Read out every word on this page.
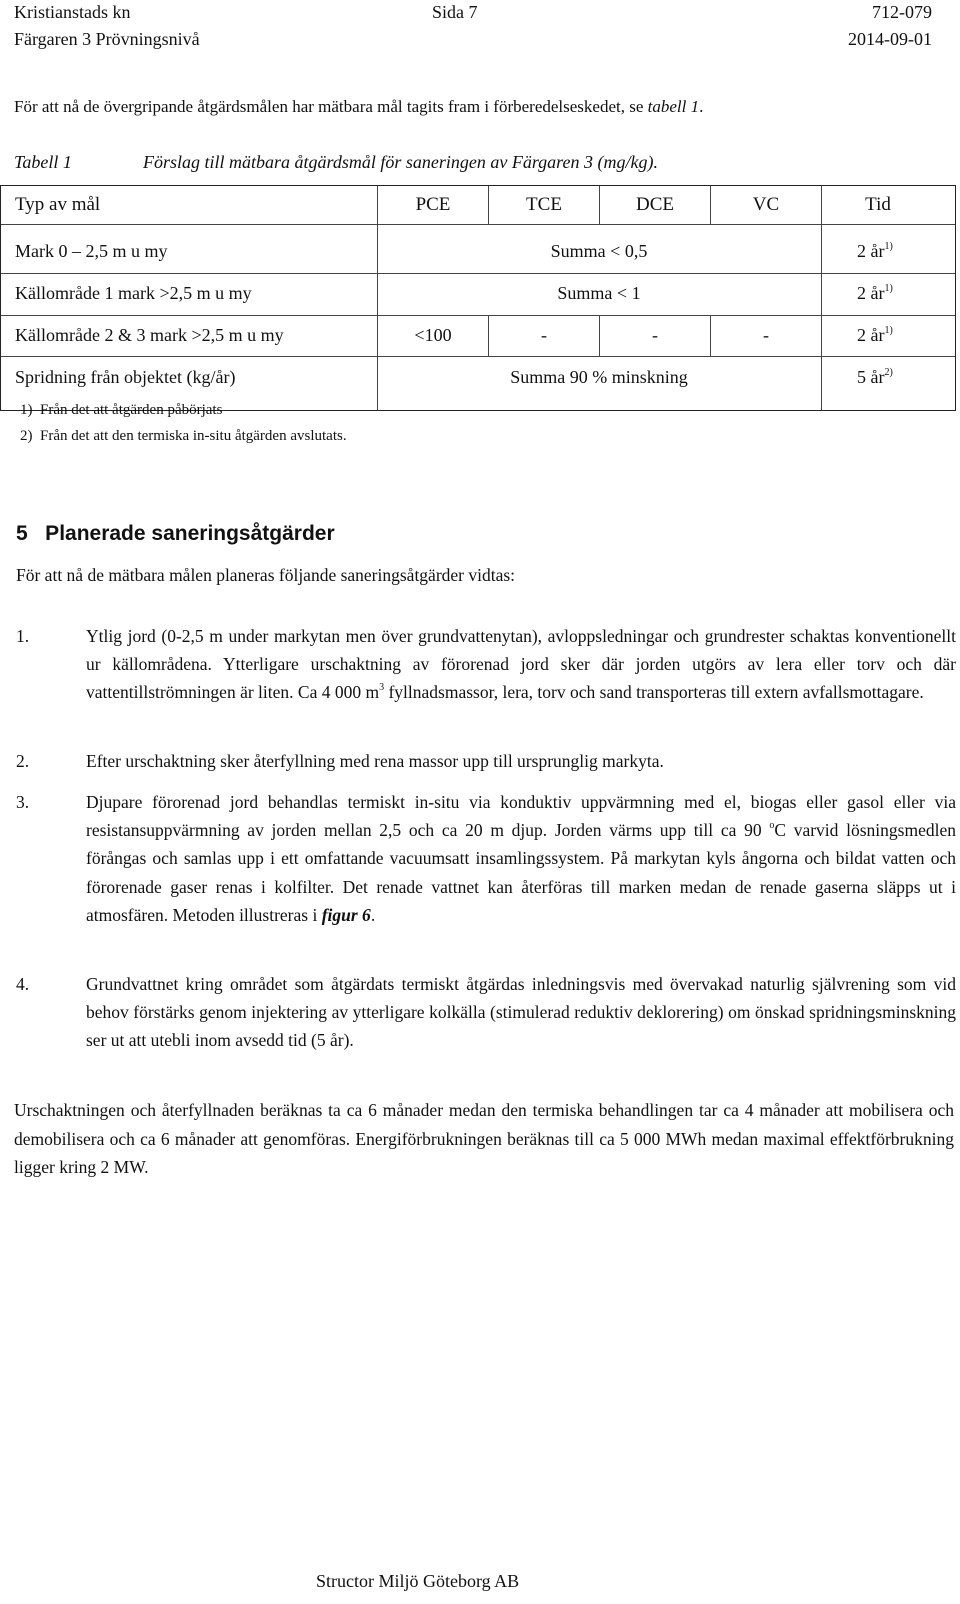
Kristianstads kn
Färgaren 3 Prövningsnivå
Sida 7	712-079
2014-09-01
För att nå de övergripande åtgärdsmålen har mätbara mål tagits fram i förberedelseskedet, se tabell 1.
Tabell 1	Förslag till mätbara åtgärdsmål för saneringen av Färgaren 3 (mg/kg).
Typ av mål	PCE	TCE	DCE	VC	Tid
Mark 0 – 2,5 m u my	Summa < 0,5	2 $år^{1)}$
Källområde 1 mark >2,5 m u my	Summa < 1	2 $år^{1)}$
Källområde 2 & 3 mark >2,5 m u my	<100	-	-	-	2 $år^{1)}$
Spridning från objektet (kg/år)	Summa 90 % minskning	5 $år^{2)}$
1)  Från det att åtgärden påbörjats
2)  Från det att den termiska in-situ åtgärden avslutats.
5   Planerade saneringsåtgärder
För att nå de mätbara målen planeras följande saneringsåtgärder vidtas:
1.	Ytlig jord (0-2,5 m under markytan men över grundvattenytan), avloppsledningar och grundrester schaktas konventionellt ur källområdena. Ytterligare urschaktning av förorenad jord sker där jorden utgörs av lera eller torv och där vattentillströmningen är liten. Ca 4 000 $m^3$ fyllnadsmassor, lera, torv och sand transporteras till extern avfallsmottagare.
2.	Efter urschaktning sker återfyllning med rena massor upp till ursprunglig markyta.
3.	Djupare förorenad jord behandlas termiskt in-situ via konduktiv uppvärmning med el, biogas eller gasol eller via resistansuppvärmning av jorden mellan 2,5 och ca 20 m djup. Jorden värms upp till ca 90 $^o$C varvid lösningsmedlen förångas och samlas upp i ett omfattande vacuumsatt insamlingssystem. På markytan kyls ångorna och bildat vatten och förorenade gaser renas i kolfilter. Det renade vattnet kan återföras till marken medan de renade gaserna släpps ut i atmosfären. Metoden illustreras i figur 6.
4.	Grundvattnet kring området som åtgärdats termiskt åtgärdas inledningsvis med övervakad naturlig självrening som vid behov förstärks genom injektering av ytterligare kolkälla (stimulerad reduktiv deklorering) om önskad spridningsminskning ser ut att utebli inom avsedd tid (5 år).
Urschaktningen och återfyllnaden beräknas ta ca 6 månader medan den termiska behandlingen tar ca 4 månader att mobilisera och demobilisera och ca 6 månader att genomföras. Energiförbrukningen beräknas till ca 5 000 MWh medan maximal effektförbrukning ligger kring 2 MW.
Structor Miljö Göteborg AB
